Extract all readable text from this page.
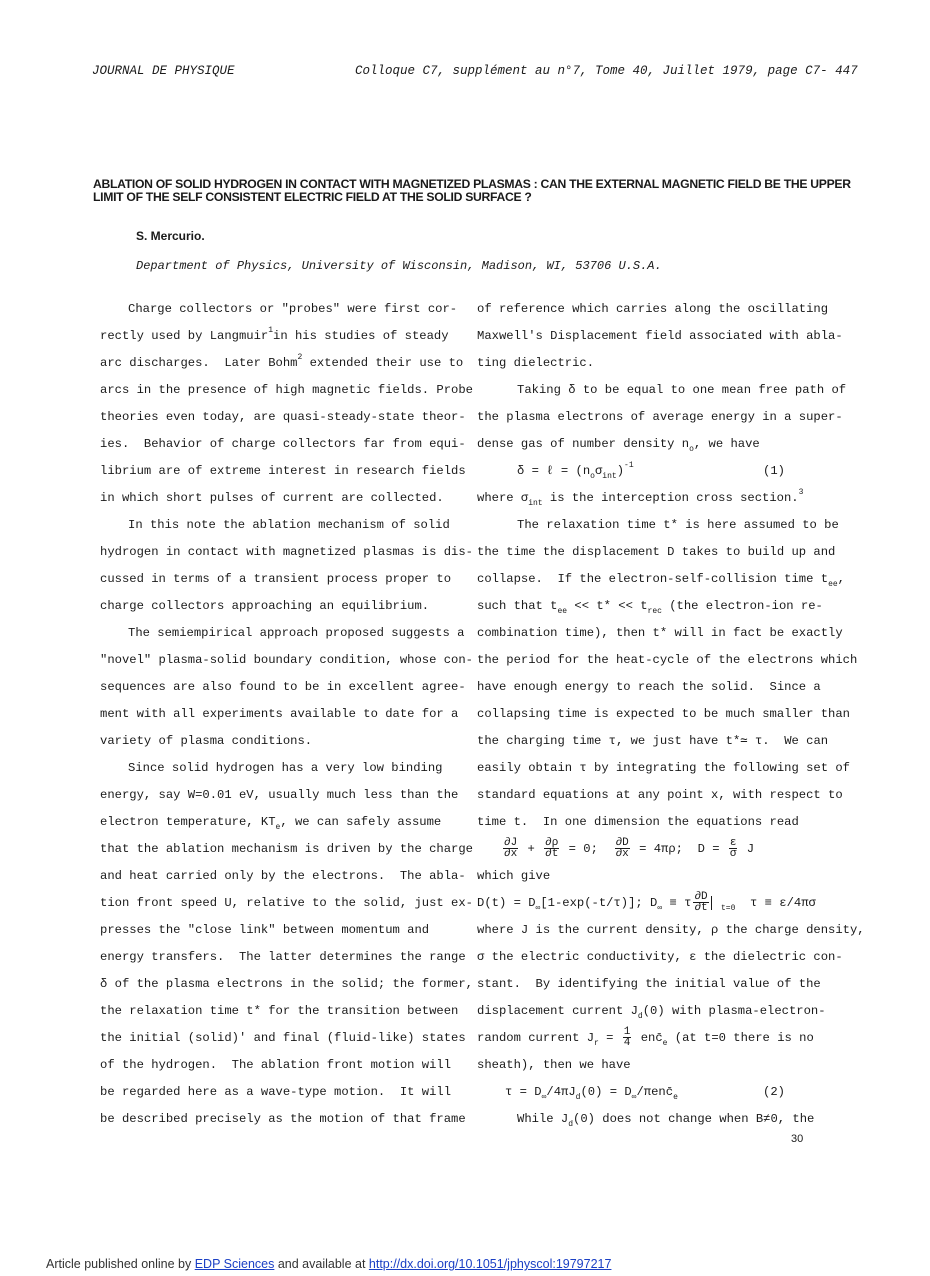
JOURNAL DE PHYSIQUE	Colloque C7, supplément au n°7, Tome 40, Juillet 1979, page C7- 447
ABLATION OF SOLID HYDROGEN IN CONTACT WITH MAGNETIZED PLASMAS : CAN THE EXTERNAL MAGNETIC FIELD BE THE UPPER LIMIT OF THE SELF CONSISTENT ELECTRIC FIELD AT THE SOLID SURFACE ?
S. Mercurio.
Department of Physics, University of Wisconsin, Madison, WI, 53706 U.S.A.
Charge collectors or "probes" were first cor-
rectly used by Langmuir$^1$in his studies of steady
arc discharges.  Later Bohm$^2$ extended their use to
arcs in the presence of high magnetic fields. Probe
theories even today, are quasi-steady-state theor-
ies.  Behavior of charge collectors far from equi-
librium are of extreme interest in research fields
in which short pulses of current are collected.
In this note the ablation mechanism of solid
hydrogen in contact with magnetized plasmas is dis-
cussed in terms of a transient process proper to
charge collectors approaching an equilibrium.
The semiempirical approach proposed suggests a
"novel" plasma-solid boundary condition, whose con-
sequences are also found to be in excellent agree-
ment with all experiments available to date for a
variety of plasma conditions.
Since solid hydrogen has a very low binding
energy, say W=0.01 eV, usually much less than the
electron temperature, $KT_e$, we can safely assume
that the ablation mechanism is driven by the charge
and heat carried only by the electrons.  The abla-
tion front speed U, relative to the solid, just ex-
presses the "close link" between momentum and
energy transfers.  The latter determines the range
δ of the plasma electrons in the solid; the former,
the relaxation time t* for the transition between
the initial (solid)' and final (fluid-like) states
of the hydrogen.  The ablation front motion will
be regarded here as a wave-type motion.  It will
be described precisely as the motion of that frame
of reference which carries along the oscillating
Maxwell's Displacement field associated with abla-
ting dielectric.
Taking δ to be equal to one mean free path of
the plasma electrons of average energy in a super-
dense gas of number density $n_o$, we have
δ = ℓ = $(n_o\sigma_{int})^{-1}$	(1)
where $\sigma_{int}$ is the interception cross section.$^3$
The relaxation time t* is here assumed to be
the time the displacement D takes to build up and
collapse.  If the electron-self-collision time $t_{ee}$,
such that $t_{ee} << t* << t_{rec}$ (the electron-ion re-
combination time), then t* will in fact be exactly
the period for the heat-cycle of the electrons which
have enough energy to reach the solid.  Since a
collapsing time is expected to be much smaller than
the charging time τ, we just have t*≃ τ.  We can
easily obtain τ by integrating the following set of
standard equations at any point x, with respect to
time t.  In one dimension the equations read
$\frac{\partial J}{\partial x} + \frac{\partial\rho}{\partial t} = 0$; $\frac{\partial D}{\partial x} = 4\pi\rho$;  $D = \frac{\varepsilon}{\sigma}$ J
which give
$D(t) = D_\infty[1-\exp(-t/\tau)]$; $D_\infty \equiv \tau \frac{\partial D}{\partial t} _{t=0}$ τ ≡ ε/4πσ
where J is the current density, ρ the charge density,
σ the electric conductivity, ε the dielectric con-
stant.  By identifying the initial value of the
displacement current $J_d(0)$ with plasma-electron-
random current $J_r = \frac{1}{4}$ $enc̄_e$ (at t=0 there is no
sheath), then we have
$\tau = D_\infty/4\pi J_d(0)$ = $D_\infty/\pi enc̄_e$	(2)
While $J_d(0)$ does not change when B≠0, the
30
Article published online by EDP Sciences and available at http://dx.doi.org/10.1051/jphyscol:19797217
